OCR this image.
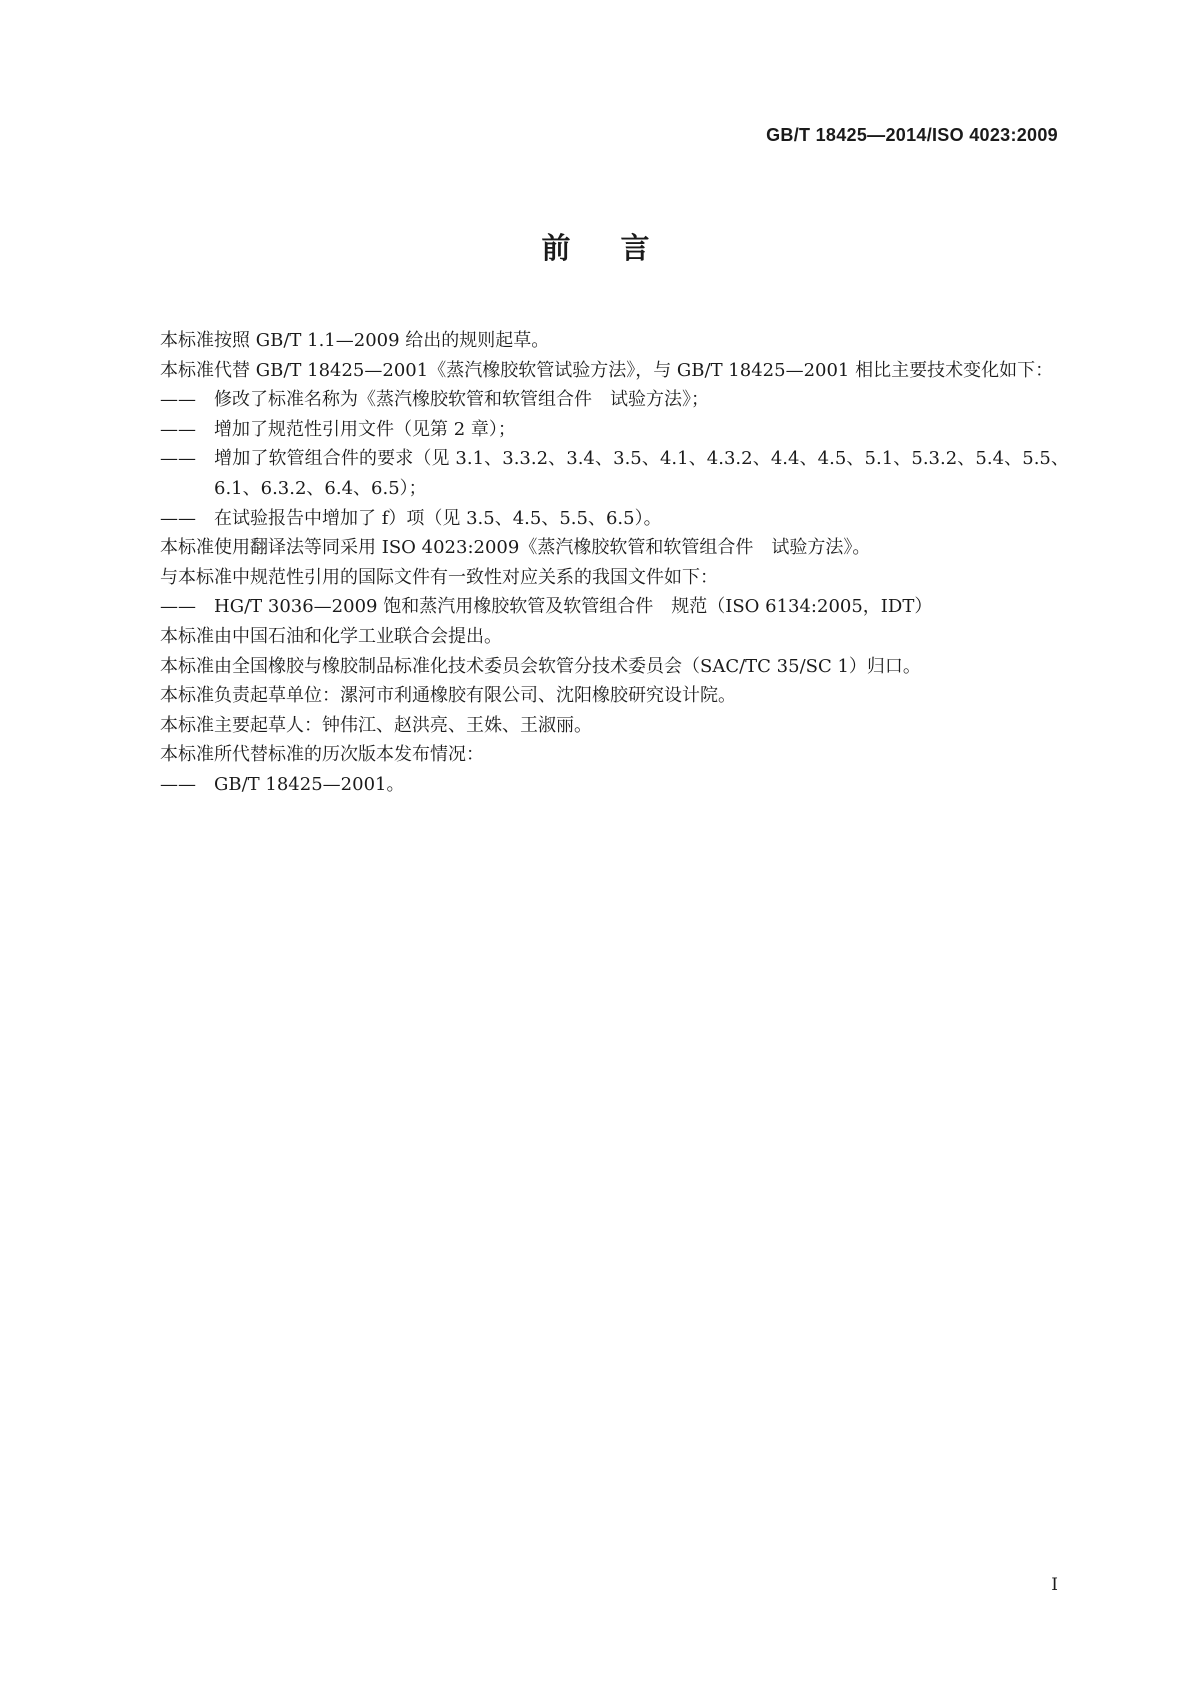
GB/T 18425—2014/ISO 4023:2009
前言

本标准按照 GB/T 1.1—2009 给出的规则起草。

本标准代替 GB/T 18425—2001《蒸汽橡胶软管试验方法》，与 GB/T 18425—2001 相比主要技术变化如下：

—— 修改了标准名称为《蒸汽橡胶软管和软管组合件　试验方法》；

—— 增加了规范性引用文件（见第 2 章）；

—— 增加了软管组合件的要求（见 3.1、3.3.2、3.4、3.5、4.1、4.3.2、4.4、4.5、5.1、5.3.2、5.4、5.5、6.1、6.3.2、6.4、6.5）；

—— 在试验报告中增加了 f）项（见 3.5、4.5、5.5、6.5）。

本标准使用翻译法等同采用 ISO 4023:2009《蒸汽橡胶软管和软管组合件　试验方法》。

与本标准中规范性引用的国际文件有一致性对应关系的我国文件如下：

—— HG/T 3036—2009 饱和蒸汽用橡胶软管及软管组合件　规范（ISO 6134:2005，IDT）

本标准由中国石油和化学工业联合会提出。

本标准由全国橡胶与橡胶制品标准化技术委员会软管分技术委员会（SAC/TC 35/SC 1）归口。

本标准负责起草单位：漯河市利通橡胶有限公司、沈阳橡胶研究设计院。

本标准主要起草人：钟伟江、赵洪亮、王姝、王淑丽。

本标准所代替标准的历次版本发布情况：

—— GB/T 18425—2001。

I
